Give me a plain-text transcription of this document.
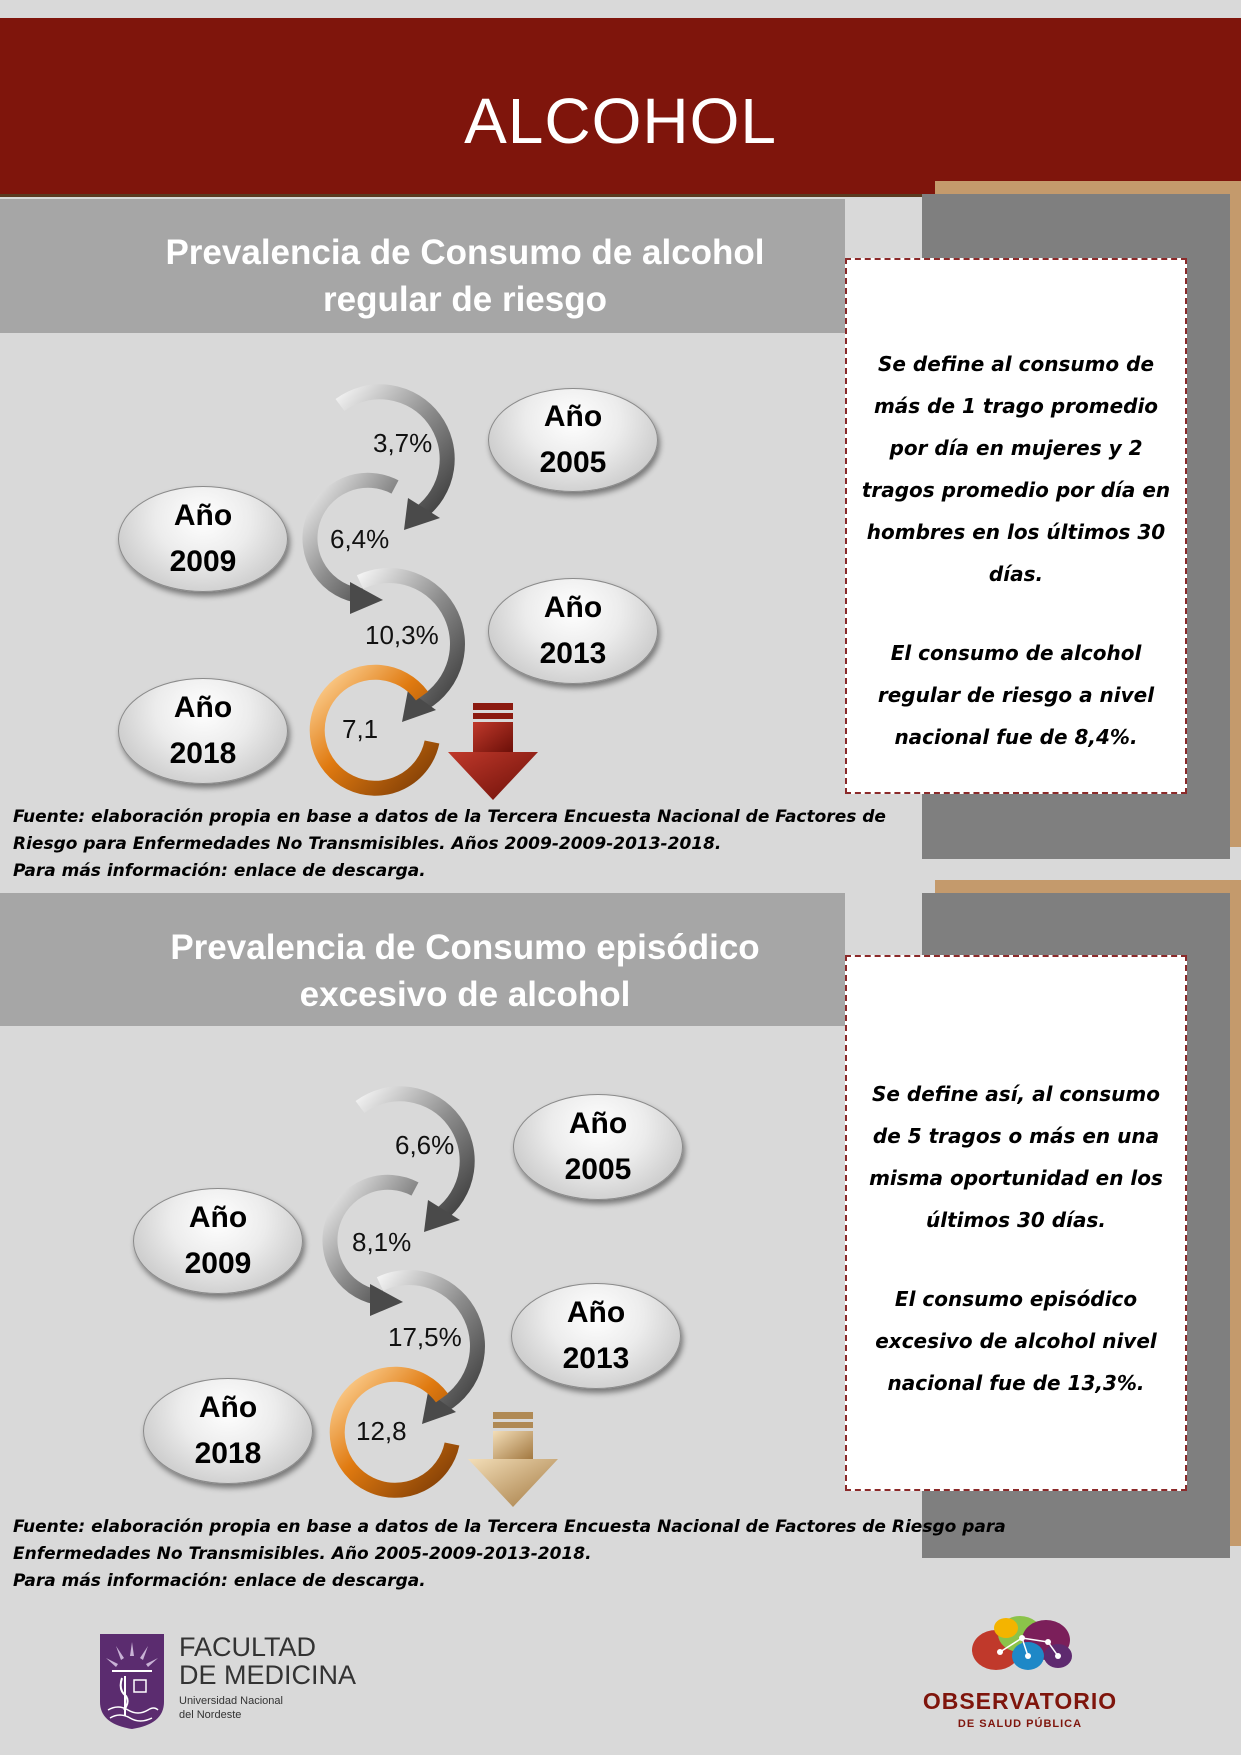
ALCOHOL
Prevalencia de Consumo de alcohol
regular de riesgo
Se define al consumo de más de 1 trago promedio por día en mujeres y 2 tragos promedio por día en hombres en los últimos 30 días.
El consumo de alcohol regular de riesgo a nivel nacional fue de 8,4%.
3,7%
6,4%
10,3%
7,1
Año
2005
Año
2009
Año
2013
Año
2018
Fuente: elaboración propia en base a datos de la Tercera Encuesta Nacional de Factores de
Riesgo para Enfermedades No Transmisibles. Años 2009-2009-2013-2018.
Para más información: enlace de descarga.
Prevalencia de Consumo episódico
excesivo de alcohol
Se define así, al consumo de 5 tragos o más en una misma oportunidad en los últimos 30 días.
El consumo episódico excesivo de alcohol nivel nacional fue de 13,3%.
6,6%
8,1%
17,5%
12,8
Año
2005
Año
2009
Año
2013
Año
2018
Fuente: elaboración propia en base a datos de la Tercera Encuesta Nacional de Factores de Riesgo para
Enfermedades No Transmisibles. Año 2005-2009-2013-2018.
Para más información: enlace de descarga.
FACULTAD
DE MEDICINA
Universidad Nacional
del Nordeste
OBSERVATORIO
DE SALUD PÚBLICA
